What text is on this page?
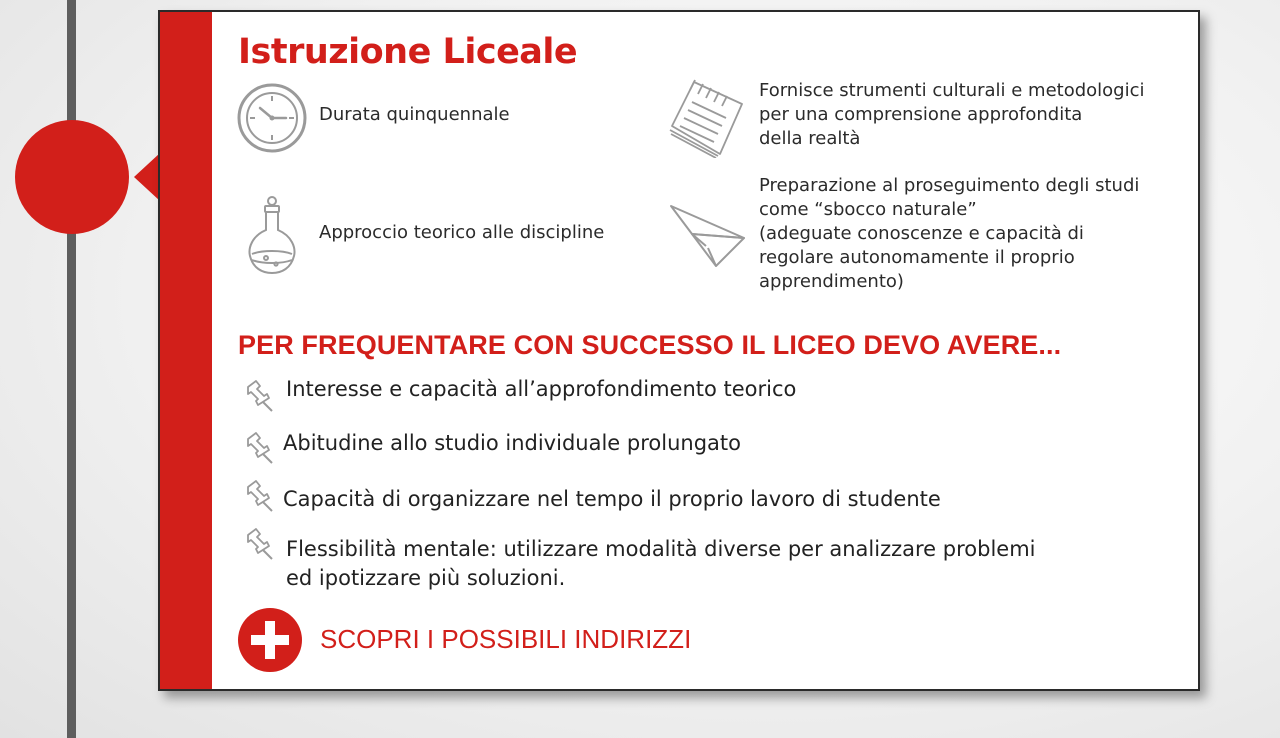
Istruzione Liceale
Durata quinquennale
Fornisce strumenti culturali e metodologici
per una comprensione approfondita
della realtà
Approccio teorico alle discipline
Preparazione al proseguimento degli studi
come “sbocco naturale”
(adeguate conoscenze e capacità di
regolare autonomamente il proprio
apprendimento)
PER FREQUENTARE CON SUCCESSO IL LICEO DEVO AVERE...
Interesse e capacità all’approfondimento teorico
Abitudine allo studio individuale prolungato
Capacità di organizzare nel tempo il proprio lavoro di studente
Flessibilità mentale: utilizzare modalità diverse per analizzare problemi
ed ipotizzare più soluzioni.
SCOPRI I POSSIBILI INDIRIZZI
